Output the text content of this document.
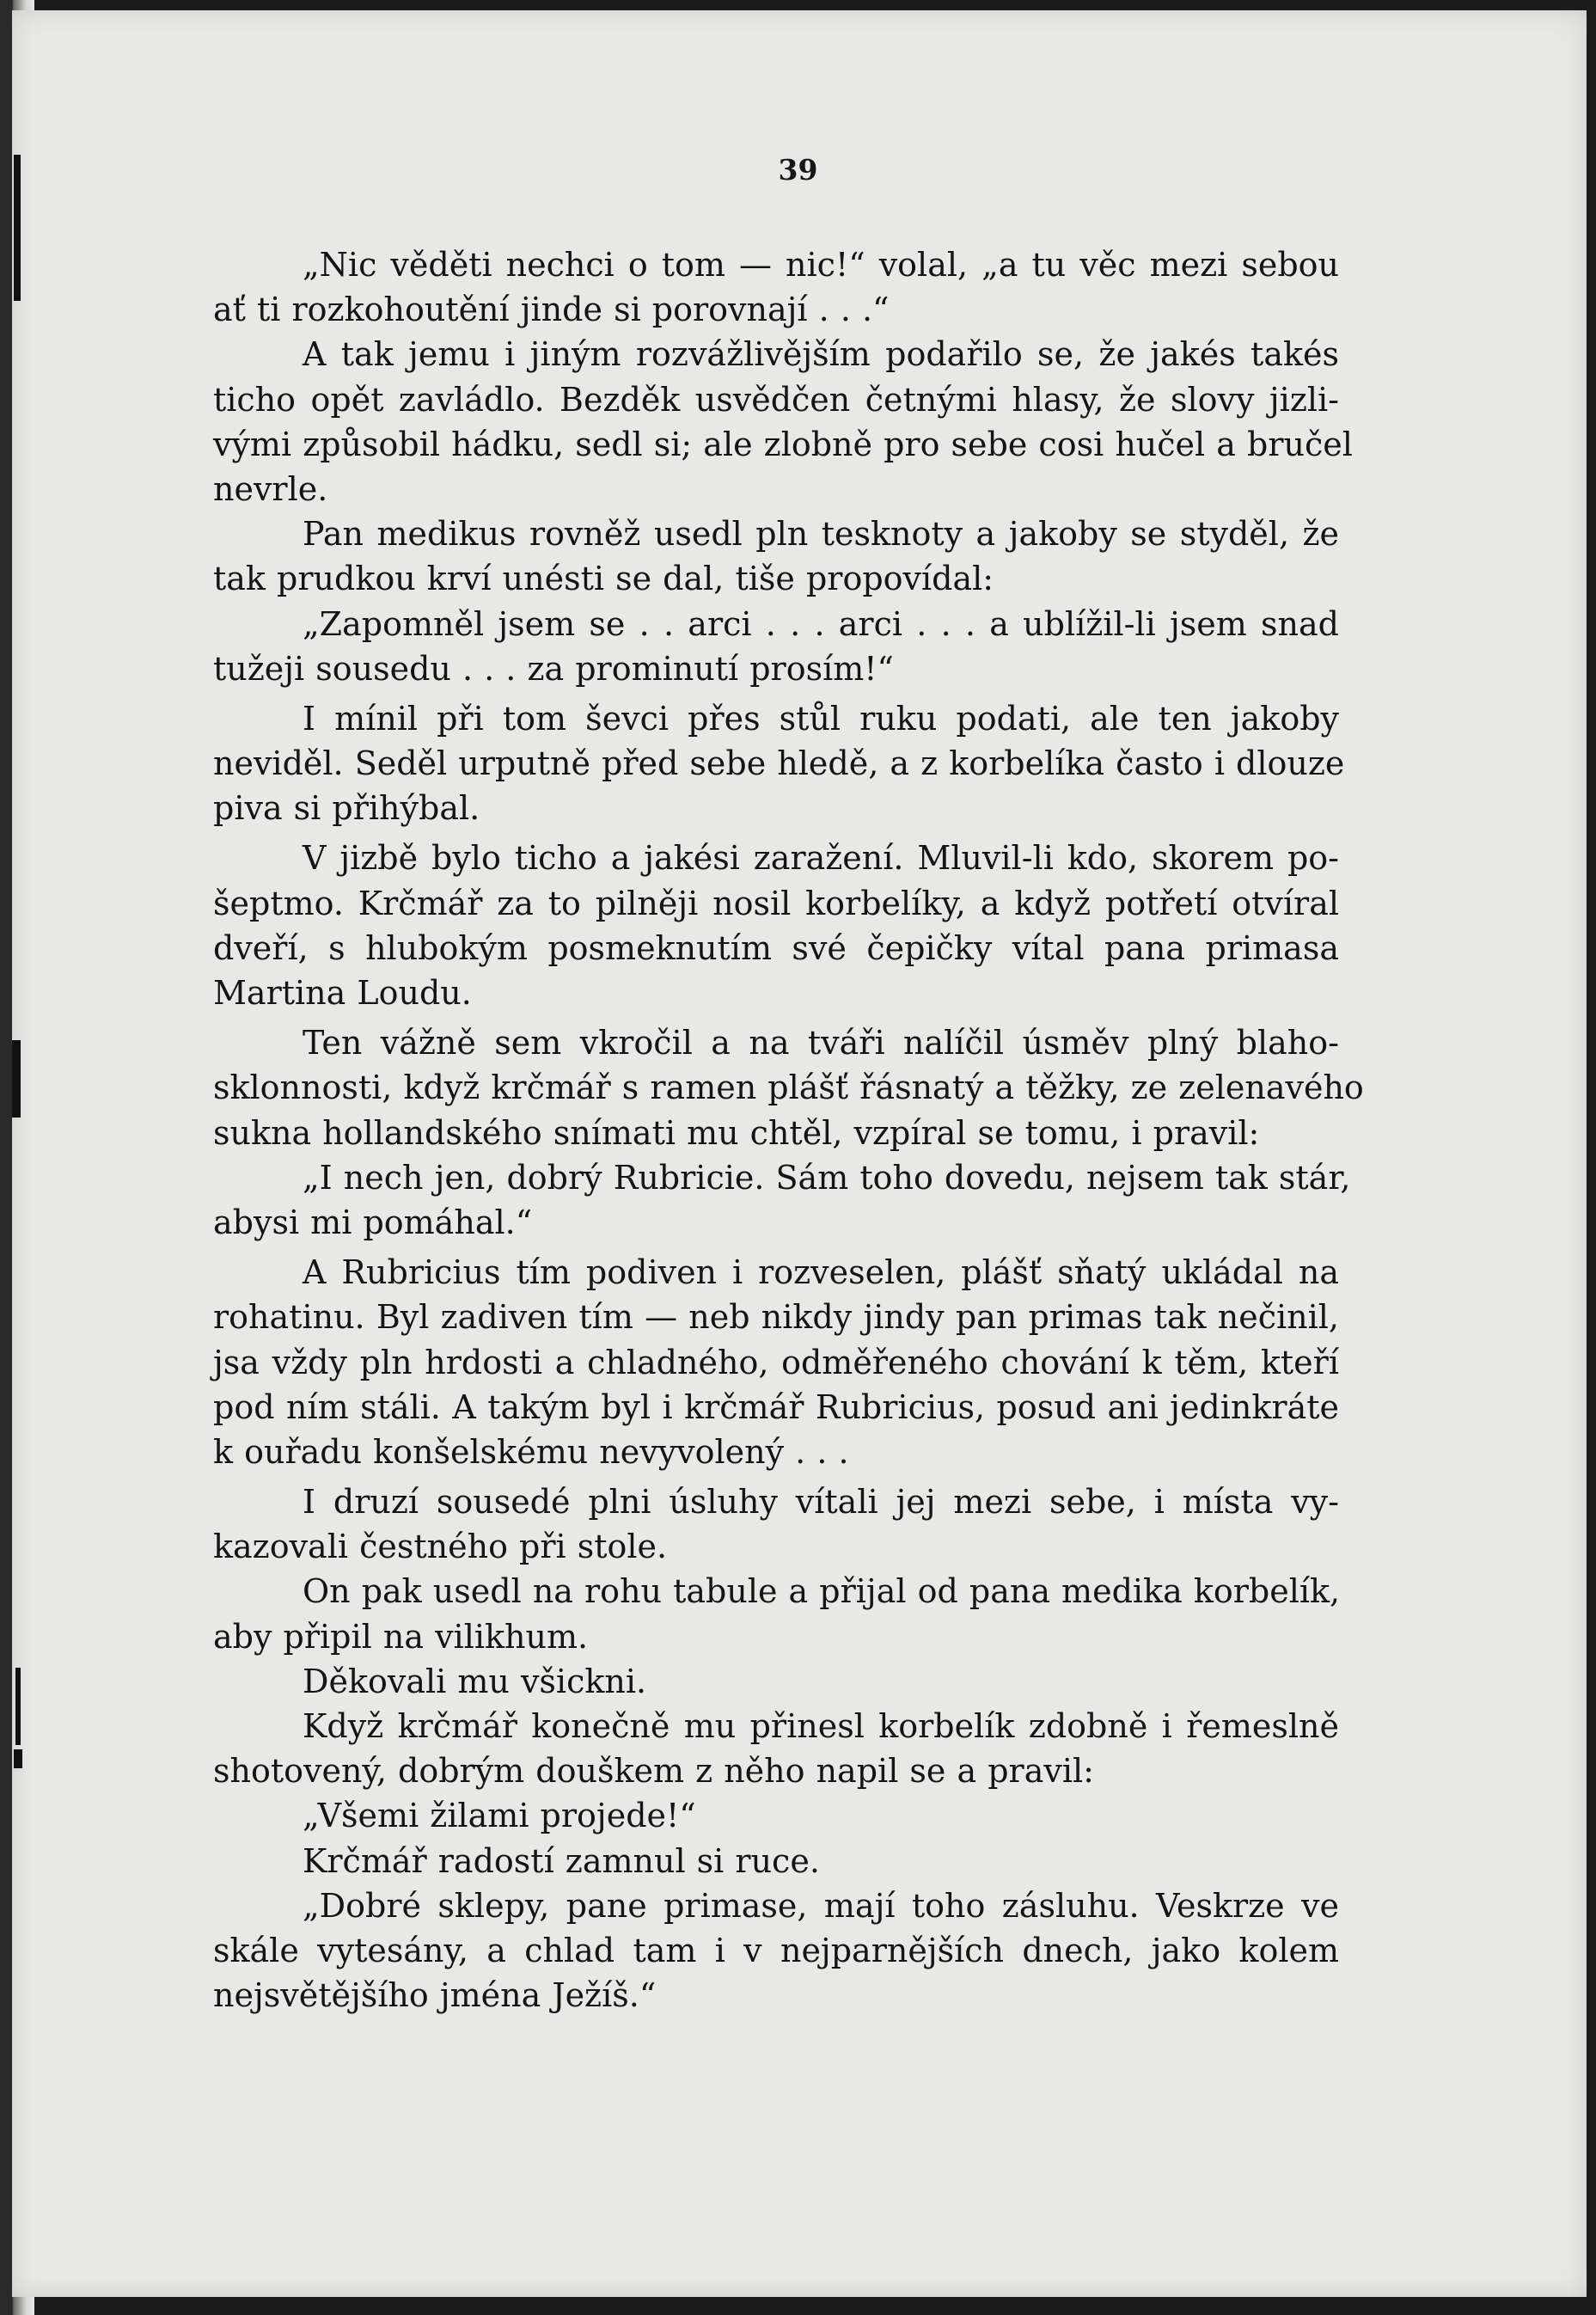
39
„Nic věděti nechci o tom — nic!“ volal, „a tu věc mezi sebou
ať ti rozkohoutění jinde si porovnají . . .“
A tak jemu i jiným rozvážlivějším podařilo se, že jakés takés
ticho opět zavládlo. Bezděk usvědčen četnými hlasy, že slovy jizli-
vými způsobil hádku, sedl si; ale zlobně pro sebe cosi hučel a bručel
nevrle.
Pan medikus rovněž usedl pln tesknoty a jakoby se styděl, že
tak prudkou krví unésti se dal, tiše propovídal:
„Zapomněl jsem se . . arci . . . arci . . . a ublížil-li jsem snad
tužeji sousedu . . . za prominutí prosím!“
I mínil při tom ševci přes stůl ruku podati, ale ten jakoby
neviděl. Seděl urputně před sebe hledě, a z korbelíka často i dlouze
piva si přihýbal.
V jizbě bylo ticho a jakési zaražení. Mluvil-li kdo, skorem po-
šeptmo. Krčmář za to pilněji nosil korbelíky, a když potřetí otvíral
dveří, s hlubokým posmeknutím své čepičky vítal pana primasa
Martina Loudu.
Ten vážně sem vkročil a na tváři nalíčil úsměv plný blaho-
sklonnosti, když krčmář s ramen plášť řásnatý a těžky, ze zelenavého
sukna hollandského snímati mu chtěl, vzpíral se tomu, i pravil:
„I nech jen, dobrý Rubricie. Sám toho dovedu, nejsem tak stár,
abysi mi pomáhal.“
A Rubricius tím podiven i rozveselen, plášť sňatý ukládal na
rohatinu. Byl zadiven tím — neb nikdy jindy pan primas tak nečinil,
jsa vždy pln hrdosti a chladného, odměřeného chování k těm, kteří
pod ním stáli. A takým byl i krčmář Rubricius, posud ani jedinkráte
k ouřadu konšelskému nevyvolený . . .
I druzí sousedé plni úsluhy vítali jej mezi sebe, i místa vy-
kazovali čestného při stole.
On pak usedl na rohu tabule a přijal od pana medika korbelík,
aby připil na vilikhum.
Děkovali mu všickni.
Když krčmář konečně mu přinesl korbelík zdobně i řemeslně
shotovený, dobrým douškem z něho napil se a pravil:
„Všemi žilami projede!“
Krčmář radostí zamnul si ruce.
„Dobré sklepy, pane primase, mají toho zásluhu. Veskrze ve
skále vytesány, a chlad tam i v nejparnějších dnech, jako kolem
nejsvětějšího jména Ježíš.“
